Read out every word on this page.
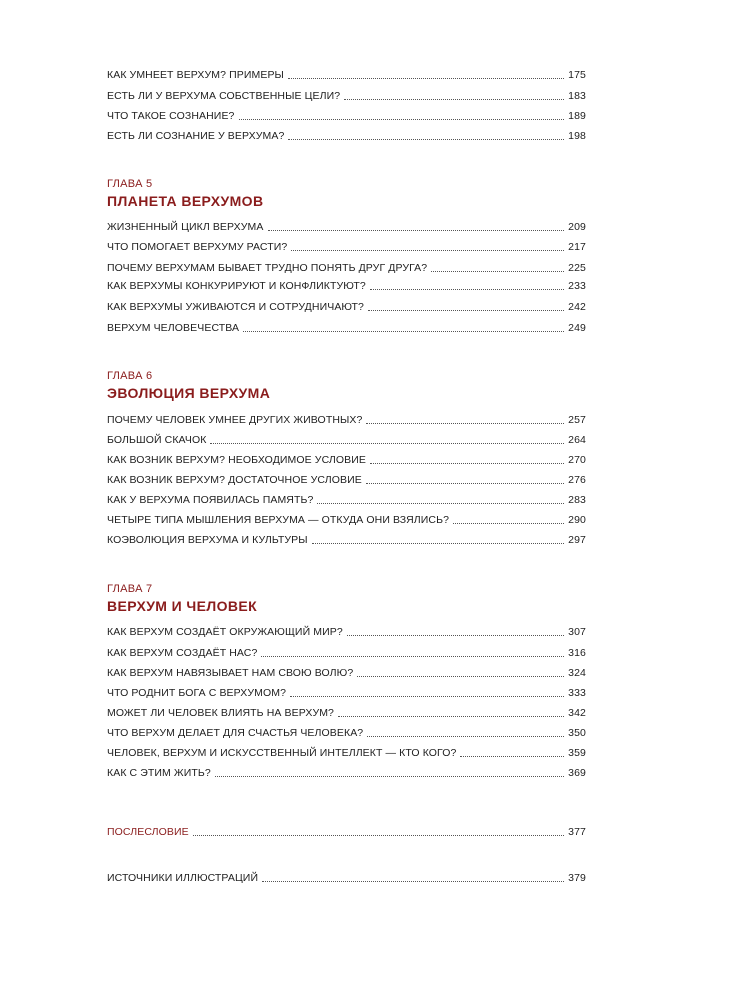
КАК УМНЕЕТ ВЕРХУМ? ПРИМЕРЫ	175
ЕСТЬ ЛИ У ВЕРХУМА СОБСТВЕННЫЕ ЦЕЛИ?	183
ЧТО ТАКОЕ СОЗНАНИЕ?	189
ЕСТЬ ЛИ СОЗНАНИЕ У ВЕРХУМА?	198
ГЛАВА 5
ПЛАНЕТА ВЕРХУМОВ
ЖИЗНЕННЫЙ ЦИКЛ ВЕРХУМА	209
ЧТО ПОМОГАЕТ ВЕРХУМУ РАСТИ?	217
ПОЧЕМУ ВЕРХУМАМ БЫВАЕТ ТРУДНО ПОНЯТЬ ДРУГ ДРУГА?	225
КАК ВЕРХУМЫ КОНКУРИРУЮТ И КОНФЛИКТУЮТ?	233
КАК ВЕРХУМЫ УЖИВАЮТСЯ И СОТРУДНИЧАЮТ?	242
ВЕРХУМ ЧЕЛОВЕЧЕСТВА	249
ГЛАВА 6
ЭВОЛЮЦИЯ ВЕРХУМА
ПОЧЕМУ ЧЕЛОВЕК УМНЕЕ ДРУГИХ ЖИВОТНЫХ?	257
БОЛЬШОЙ СКАЧОК	264
КАК ВОЗНИК ВЕРХУМ? НЕОБХОДИМОЕ УСЛОВИЕ	270
КАК ВОЗНИК ВЕРХУМ? ДОСТАТОЧНОЕ УСЛОВИЕ	276
КАК У ВЕРХУМА ПОЯВИЛАСЬ ПАМЯТЬ?	283
ЧЕТЫРЕ ТИПА МЫШЛЕНИЯ ВЕРХУМА — ОТКУДА ОНИ ВЗЯЛИСЬ?	290
КОЭВОЛЮЦИЯ ВЕРХУМА И КУЛЬТУРЫ	297
ГЛАВА 7
ВЕРХУМ И ЧЕЛОВЕК
КАК ВЕРХУМ СОЗДАЁТ ОКРУЖАЮЩИЙ МИР?	307
КАК ВЕРХУМ СОЗДАЁТ НАС?	316
КАК ВЕРХУМ НАВЯЗЫВАЕТ НАМ СВОЮ ВОЛЮ?	324
ЧТО РОДНИТ БОГА С ВЕРХУМОМ?	333
МОЖЕТ ЛИ ЧЕЛОВЕК ВЛИЯТЬ НА ВЕРХУМ?	342
ЧТО ВЕРХУМ ДЕЛАЕТ ДЛЯ СЧАСТЬЯ ЧЕЛОВЕКА?	350
ЧЕЛОВЕК, ВЕРХУМ И ИСКУССТВЕННЫЙ ИНТЕЛЛЕКТ — КТО КОГО?	359
КАК С ЭТИМ ЖИТЬ?	369
ПОСЛЕСЛОВИЕ	377
ИСТОЧНИКИ ИЛЛЮСТРАЦИЙ	379
